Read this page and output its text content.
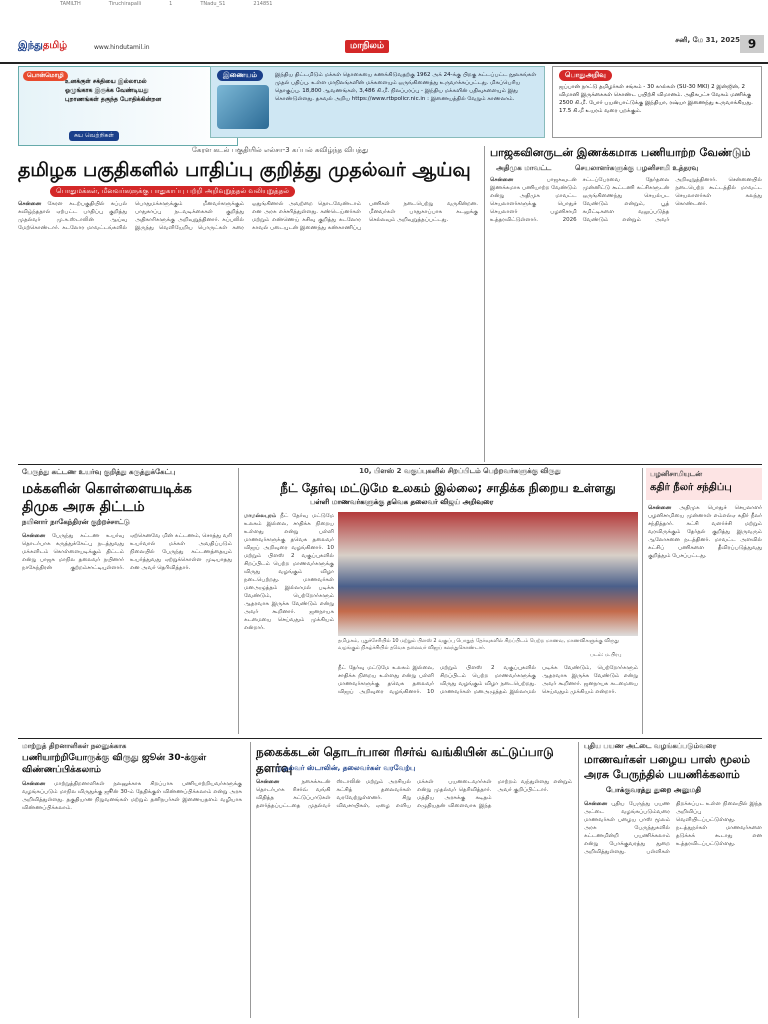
TAMILTH	Tiruchirapalli	1	TNadu_S1	214851
இந்துதமிழ்	www.hindutamil.in	மாநிலம்
சனி, மே 31, 2025 9
பொன்மொழி
உனக்குள் சக்தியை இல்லாமல் ஓழுங்காக இருக்க வேண்டியது புறாணங்கள் தகுந்த போதிக்கின்றன
சுய வெற்றிகள்
இணையம்	இந்திய திட்டமிடும் மக்கள் தொகையை கணக்கிடுவதற்கு 1962 அக் 24-க்கு பிறகு கட்டப்பட்ட நூலகங்கள் முதல் பதிப்பு. உள்ள மாநிலங்களின் மக்களையும் ஒருங்கிணைத்து உருவாக்கப்பட்டது. மிகப்பெரிய தொகுப்பு. 18,800 ஆவணங்கள், 3,486 கி.மீ. நிலப்பரப்பு - இந்திய மக்களின் பதிவுகளையும் இது கொண்டுள்ளது. தகவல் அறிய https://www.rtbpolicr.nic.in : இணையத்தில் வேறும் காணலாம்.
பொதுஅறிவு
ஜப்பான் நாட்டு தமிழர்கள் சங்கம் - 30 கால்கள் (SU-30 MKI) 2 இன்ஜின், 2 விமானி இருக்கைகள் கொண்ட பயிற்சி விமானம். அதிகபட்ச வேகம் மணிக்கு 2500 கி.மீ. போர் பயன்பாட்டுக்கு இந்தியா, ரஷ்யா இணைந்து உருவாக்கியது. 17.5 கி.மீ உயரம் வரை பறக்கும்.
கேரள கடல் பகுதியில் எல்சா-3 கப்பல் கவிழ்ந்த விபத்து
தமிழக பகுதிகளில் பாதிப்பு குறித்து முதல்வர் ஆய்வு
பொதுமக்கள், மீனவர்களுக்கு பாதுகாப்பு பற்றி அறிவுறுத்தல் வலியுறுத்தல்
சென்னை கேரள கடற்பகுதியில் கப்பல் கவிழ்ந்ததால் ஏற்பட்ட பாதிப்பு குறித்து முதல்வர் மு.க.ஸ்டாலின் ஆய்வு மேற்கொண்டார். கடலோர மாவட்டங்களில் பொதுமக்களுக்கும் மீனவர்களுக்கும் பாதுகாப்பு நடவடிக்கைகள் குறித்து அதிகாரிகளுக்கு அறிவுறுத்தினார். கப்பலில் இருந்து வெளியேறிய பொருட்கள் கரை ஒதுங்கினால் அவற்றை தொடவேண்டாம் என அரசு எச்சரித்துள்ளது. கண்டெய்னர்கள் மற்றும் எண்ணெய் கசிவு குறித்து கடலோர காவல் படையுடன் இணைந்து கண்காணிப்பு பணிகள் நடைபெற்று வருகின்றன. மீனவர்கள் பாதுகாப்பாக கடலுக்கு செல்லவும் அறிவுறுத்தப்பட்டது.
பாஜகவினருடன் இணக்கமாக பணியாற்ற வேண்டும்
அதிமுக மாவட்ட	செயலாளர்களுக்கு பழனிசாமி உத்தரவு
சென்னை	பாஜகவுடன் இணக்கமாக பணியாற்ற வேண்டும் என்று அதிமுக மாவட்ட செயலாளர்களுக்கு பொதுச் செயலாளர் பழனிசாமி உத்தரவிட்டுள்ளார். 2026 சட்டப்பேரவை தேர்தலை முன்னிட்டு கூட்டணி கட்சிகளுடன் ஒருங்கிணைந்து செயல்பட வேண்டும் என்றும், பூத் கமிட்டிகளை வலுப்படுத்த வேண்டும் என்றும் அவர் அறிவுறுத்தினார். சென்னையில் நடைபெற்ற கூட்டத்தில் மாவட்ட செயலாளர்கள் கலந்து கொண்டனர்.
பேருந்து கட்டண உயர்வு குறித்து கருத்துக்கேட்பு
மக்களின் கொள்ளையடிக்க திமுக அரசு திட்டம்
நயினார் நாகேந்திரன் குற்றச்சாட்டு
சென்னை பேருந்து கட்டண உயர்வு தொடர்பாக கருத்துக்கேட்பு நடத்துவது மக்களிடம் கொள்ளையடிக்கும் திட்டம் என்று பாஜக மாநில தலைவர் நயினார் நாகேந்திரன் குற்றம்சாட்டியுள்ளார். ஏற்கெனவே மின் கட்டணம், சொத்து வரி உயர்வால் மக்கள் அவதிப்படும் நிலையில் பேருந்து கட்டணத்தையும் உயர்த்துவது ஏற்றுக்கொள்ள முடியாதது என அவர் தெரிவித்தார்.
10, பிளஸ் 2 வகுப்புகளில் சிறப்பிடம் பெற்றவர்களுக்கு விருது
நீட் தேர்வு மட்டுமே உலகம் இல்லை; சாதிக்க நிறைய உள்ளது
பள்ளி மாணவர்களுக்கு தவெக தலைவர் விஜய் அறிவுரை
மாமல்லபுரம் நீட் தேர்வு மட்டுமே உலகம் இல்லை, சாதிக்க நிறைய உள்ளது என்று பள்ளி மாணவர்களுக்கு தவெக தலைவர் விஜய் அறிவுரை வழங்கினார். 10 மற்றும் பிளஸ் 2 வகுப்புகளில் சிறப்பிடம் பெற்ற மாணவர்களுக்கு விருது வழங்கும் விழா நடைபெற்றது. மாணவர்கள் மனஅழுத்தம் இல்லாமல் படிக்க வேண்டும், பெற்றோர்களும் ஆதரவாக இருக்க வேண்டும் என்று அவர் கூறினார். ஜனநாயக கடமையை செய்வதும் முக்கியம் என்றார்.
தமிழகம், புதுச்சேரியில் 10 மற்றும் பிளஸ் 2 வகுப்பு பொதுத் தேர்வுகளில் சிறப்பிடம் பெற்ற மாணவ, மாணவிகளுக்கு விருது வழங்கும் நிகழ்ச்சியில் தவெக தலைவர் விஜய் கலந்துகொண்டார்.
படம்: ம.பிரபு
நீட் தேர்வு மட்டுமே உலகம் இல்லை, சாதிக்க நிறைய உள்ளது என்று பள்ளி மாணவர்களுக்கு தவெக தலைவர் விஜய் அறிவுரை வழங்கினார். 10 மற்றும் பிளஸ் 2 வகுப்புகளில் சிறப்பிடம் பெற்ற மாணவர்களுக்கு விருது வழங்கும் விழா நடைபெற்றது. மாணவர்கள் மனஅழுத்தம் இல்லாமல் படிக்க வேண்டும், பெற்றோர்களும் ஆதரவாக இருக்க வேண்டும் என்று அவர் கூறினார். ஜனநாயக கடமையை செய்வதும் முக்கியம் என்றார்.
பழனிசாமியுடன்
கதிர் நீலர் சந்திப்பு
சென்னை அதிமுக பொதுச் செயலாளர் பழனிசாமியை முன்னாள் எம்எல்ஏ கதிர் நீலர் சந்தித்தார். கட்சி வளர்ச்சி மற்றும் வரவிருக்கும் தேர்தல் குறித்து இருவரும் ஆலோசனை நடத்தினர். மாவட்ட அளவில் கட்சிப் பணிகளை தீவிரப்படுத்துவது குறித்தும் பேசப்பட்டது.
மாற்றுத் திறனாளிகள் நலனுக்காக
பணியாற்றியோருக்கு விருது ஜூன் 30-க்குள் விண்ணப்பிக்கலாம்
சென்னை மாற்றுத்திறனாளிகள் நலனுக்காக சிறப்பாக பணியாற்றியவர்களுக்கு வழங்கப்படும் மாநில விருதுக்கு ஜூன் 30-ம் தேதிக்குள் விண்ணப்பிக்கலாம் என்று அரசு அறிவித்துள்ளது. தகுதியான நிறுவனங்கள் மற்றும் தனிநபர்கள் இணையதளம் வழியாக விண்ணப்பிக்கலாம்.
நகைக்கடன் தொடர்பான ரிசர்வ் வங்கியின் கட்டுப்பாடு தளர்வு
முதல்வர் ஸ்டாலின், தலைவர்கள் வரவேற்பு
சென்னை	நகைக்கடன் தொடர்பாக ரிசர்வ் வங்கி விதித்த கட்டுப்பாடுகள் தளர்த்தப்பட்டதை முதல்வர் ஸ்டாலின் மற்றும் அரசியல் கட்சித் தலைவர்கள் வரவேற்றுள்ளனர். சிறு விவசாயிகள், ஏழை எளிய மக்கள் பயனடைவார்கள் என்று முதல்வர் தெரிவித்தார். மத்திய அரசுக்கு கடிதம் எழுதியதன் விளைவாக இந்த மாற்றம் வந்துள்ளது என்றும் அவர் குறிப்பிட்டார்.
புதிய பயண அட்டை வழங்கப்படும்வரை
மாணவர்கள் பழைய பாஸ் மூலம் அரசு பேருந்தில் பயணிக்கலாம்
போக்குவரத்து துறை அனுமதி
சென்னை புதிய பேருந்து பயண அட்டை வழங்கப்படும்வரை மாணவர்கள் பழைய பாஸ் மூலம் அரசு பேருந்துகளில் கட்டணமின்றி பயணிக்கலாம் என்று போக்குவரத்து துறை அறிவித்துள்ளது. பள்ளிகள் திறக்கப்பட உள்ள நிலையில் இந்த அறிவிப்பு வெளியிடப்பட்டுள்ளது. நடத்துநர்கள் மாணவர்களை தடுக்கக் கூடாது என உத்தரவிடப்பட்டுள்ளது.
